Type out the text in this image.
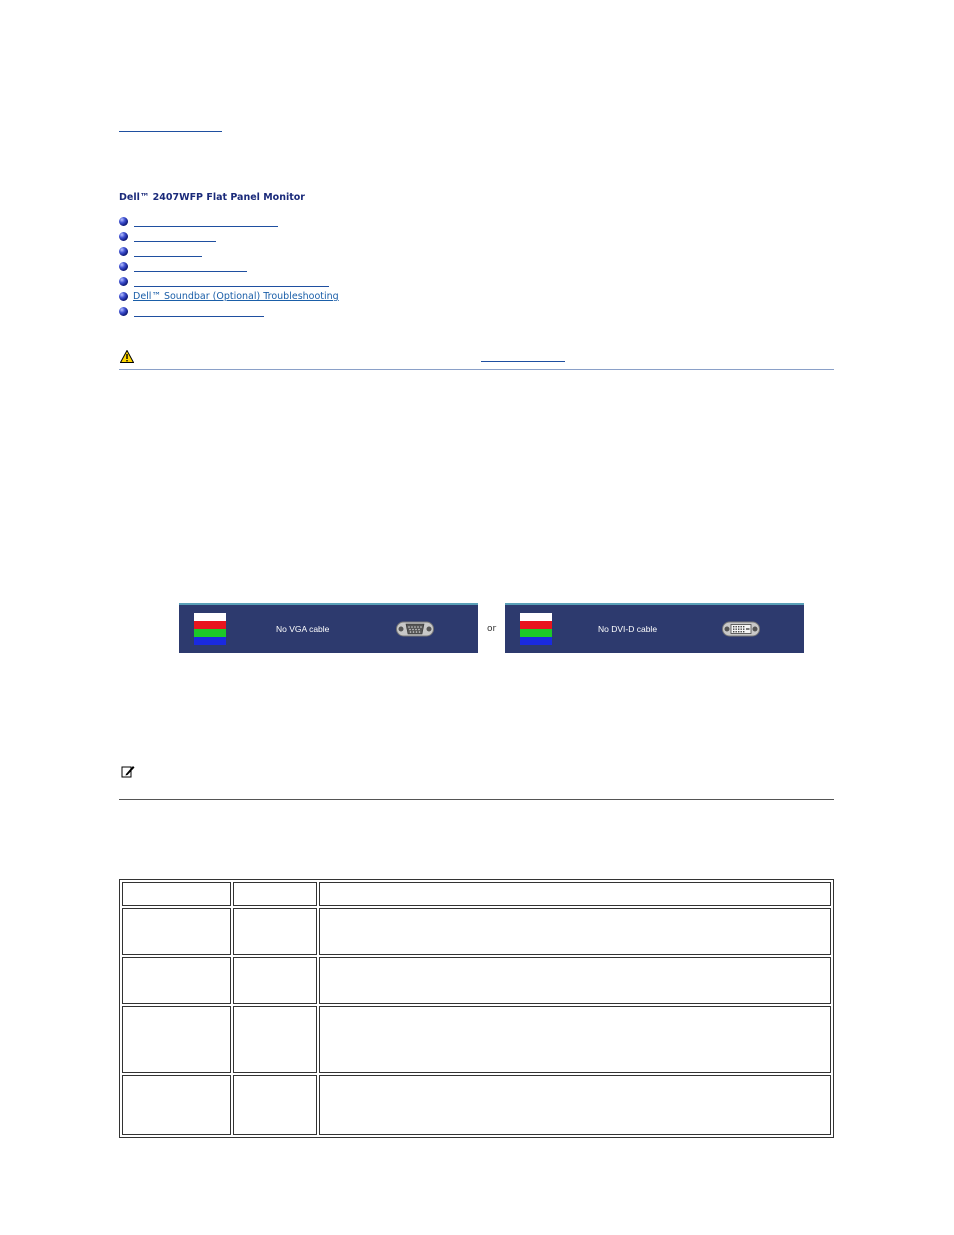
Dell™ 2407WFP Flat Panel Monitor
Dell™ Soundbar (Optional) Troubleshooting
No VGA cable	or	No DVI-D cable
